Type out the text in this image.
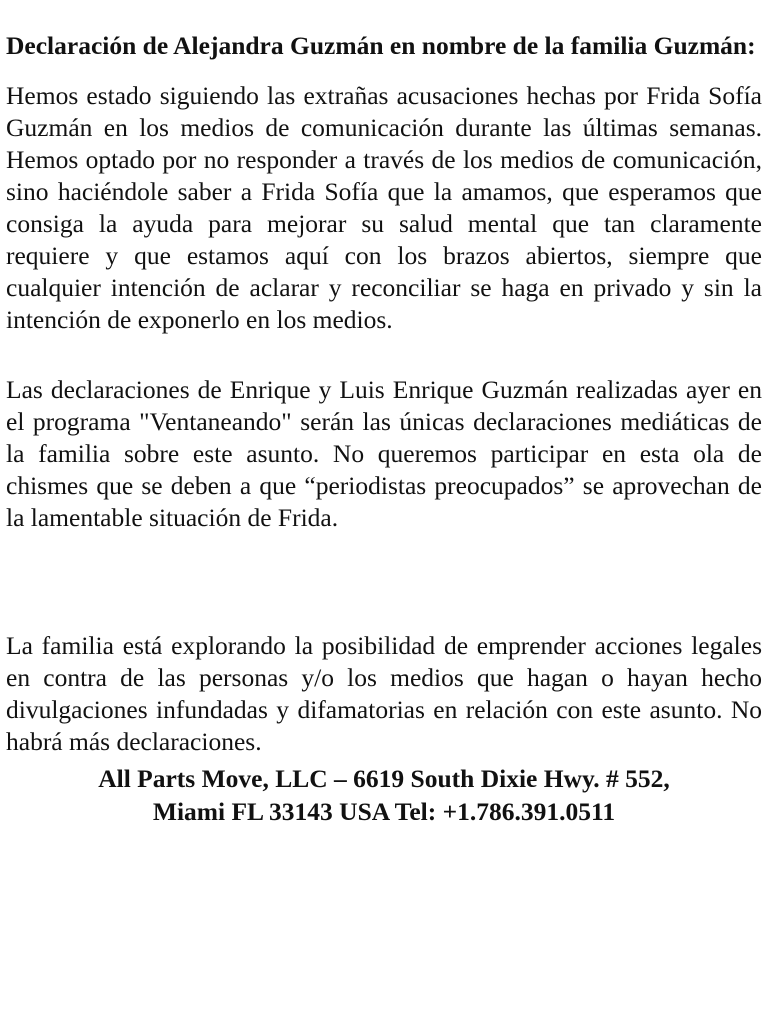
Declaración de Alejandra Guzmán en nombre de la familia Guzmán:

Hemos estado siguiendo las extrañas acusaciones hechas por Frida Sofía Guzmán en los medios de comunicación durante las últimas semanas. Hemos optado por no responder a través de los medios de comunicación, sino haciéndole saber a Frida Sofía que la amamos, que esperamos que consiga la ayuda para mejorar su salud mental que tan claramente requiere y que estamos aquí con los brazos abiertos, siempre que cualquier intención de aclarar y reconciliar se haga en privado y sin la intención de exponerlo en los medios.

Las declaraciones de Enrique y Luis Enrique Guzmán realizadas ayer en el programa "Ventaneando" serán las únicas declaraciones mediáticas de la familia sobre este asunto. No queremos participar en esta ola de chismes que se deben a que “periodistas preocupados” se aprovechan de la lamentable situación de Frida.

La familia está explorando la posibilidad de emprender acciones legales en contra de las personas y/o los medios que hagan o hayan hecho divulgaciones infundadas y difamatorias en relación con este asunto. No habrá más declaraciones.

All Parts Move, LLC – 6619 South Dixie Hwy. # 552,
Miami FL 33143 USA Tel: +1.786.391.0511
